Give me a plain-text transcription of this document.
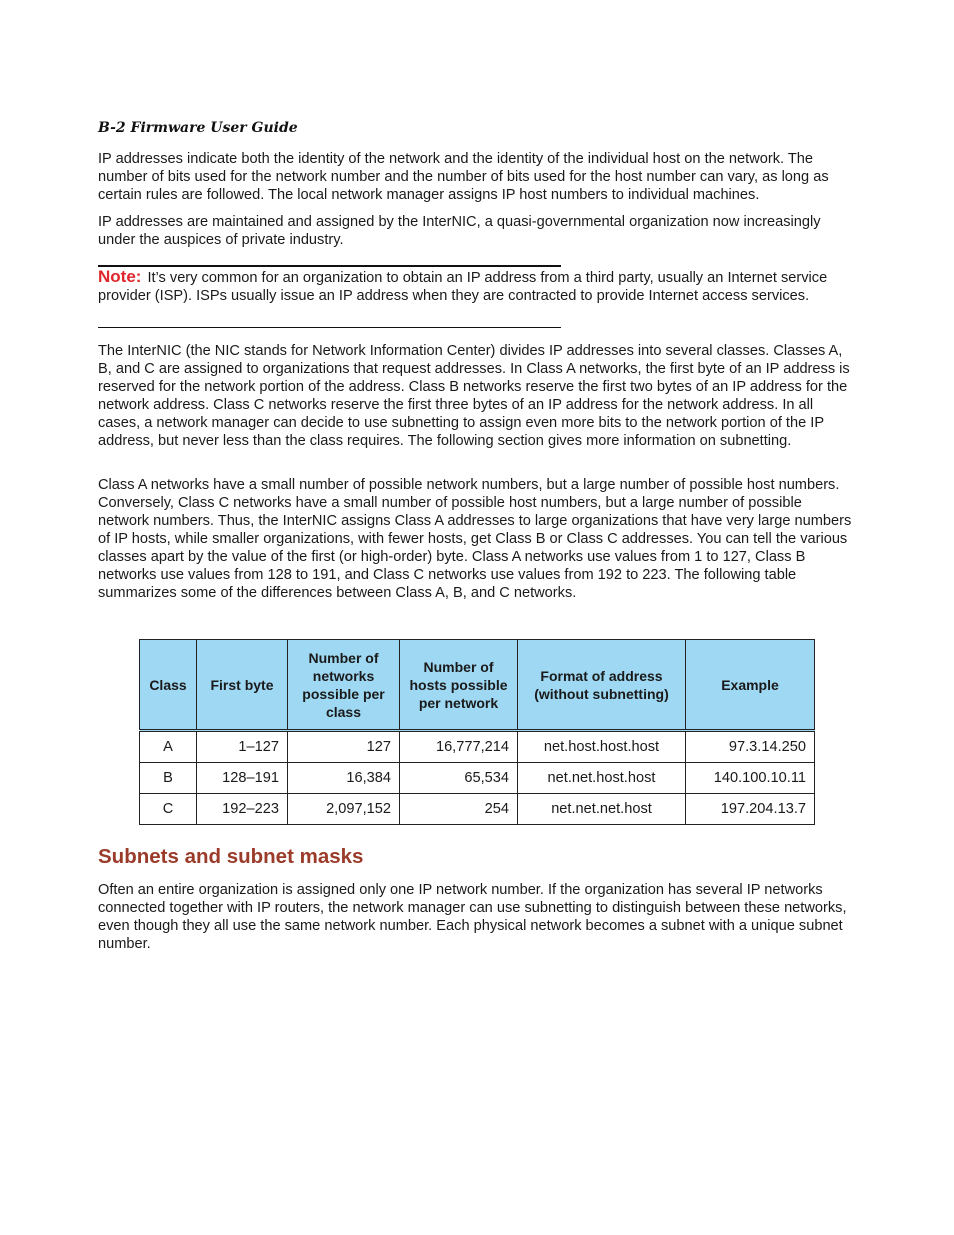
B-2 Firmware User Guide

IP addresses indicate both the identity of the network and the identity of the individual host on the network. The number of bits used for the network number and the number of bits used for the host number can vary, as long as certain rules are followed. The local network manager assigns IP host numbers to individual machines.

IP addresses are maintained and assigned by the InterNIC, a quasi-governmental organization now increasingly under the auspices of private industry.

Note: It’s very common for an organization to obtain an IP address from a third party, usually an Internet service provider (ISP). ISPs usually issue an IP address when they are contracted to provide Internet access services.

The InterNIC (the NIC stands for Network Information Center) divides IP addresses into several classes. Classes A, B, and C are assigned to organizations that request addresses. In Class A networks, the first byte of an IP address is reserved for the network portion of the address. Class B networks reserve the first two bytes of an IP address for the network address. Class C networks reserve the first three bytes of an IP address for the network address. In all cases, a network manager can decide to use subnetting to assign even more bits to the network portion of the IP address, but never less than the class requires. The following section gives more information on subnetting.

Class A networks have a small number of possible network numbers, but a large number of possible host numbers. Conversely, Class C networks have a small number of possible host numbers, but a large number of possible network numbers. Thus, the InterNIC assigns Class A addresses to large organizations that have very large numbers of IP hosts, while smaller organizations, with fewer hosts, get Class B or Class C addresses. You can tell the various classes apart by the value of the first (or high-order) byte. Class A networks use values from 1 to 127, Class B networks use values from 128 to 191, and Class C networks use values from 192 to 223. The following table summarizes some of the differences between Class A, B, and C networks.

Class	First byte	Number of networks possible per class	Number of hosts possible per network	Format of address (without subnetting)	Example
A	1–127	127	16,777,214	net.host.host.host	97.3.14.250
B	128–191	16,384	65,534	net.net.host.host	140.100.10.11
C	192–223	2,097,152	254	net.net.net.host	197.204.13.7
Subnets and subnet masks

Often an entire organization is assigned only one IP network number. If the organization has several IP networks connected together with IP routers, the network manager can use subnetting to distinguish between these networks, even though they all use the same network number. Each physical network becomes a subnet with a unique subnet number.
